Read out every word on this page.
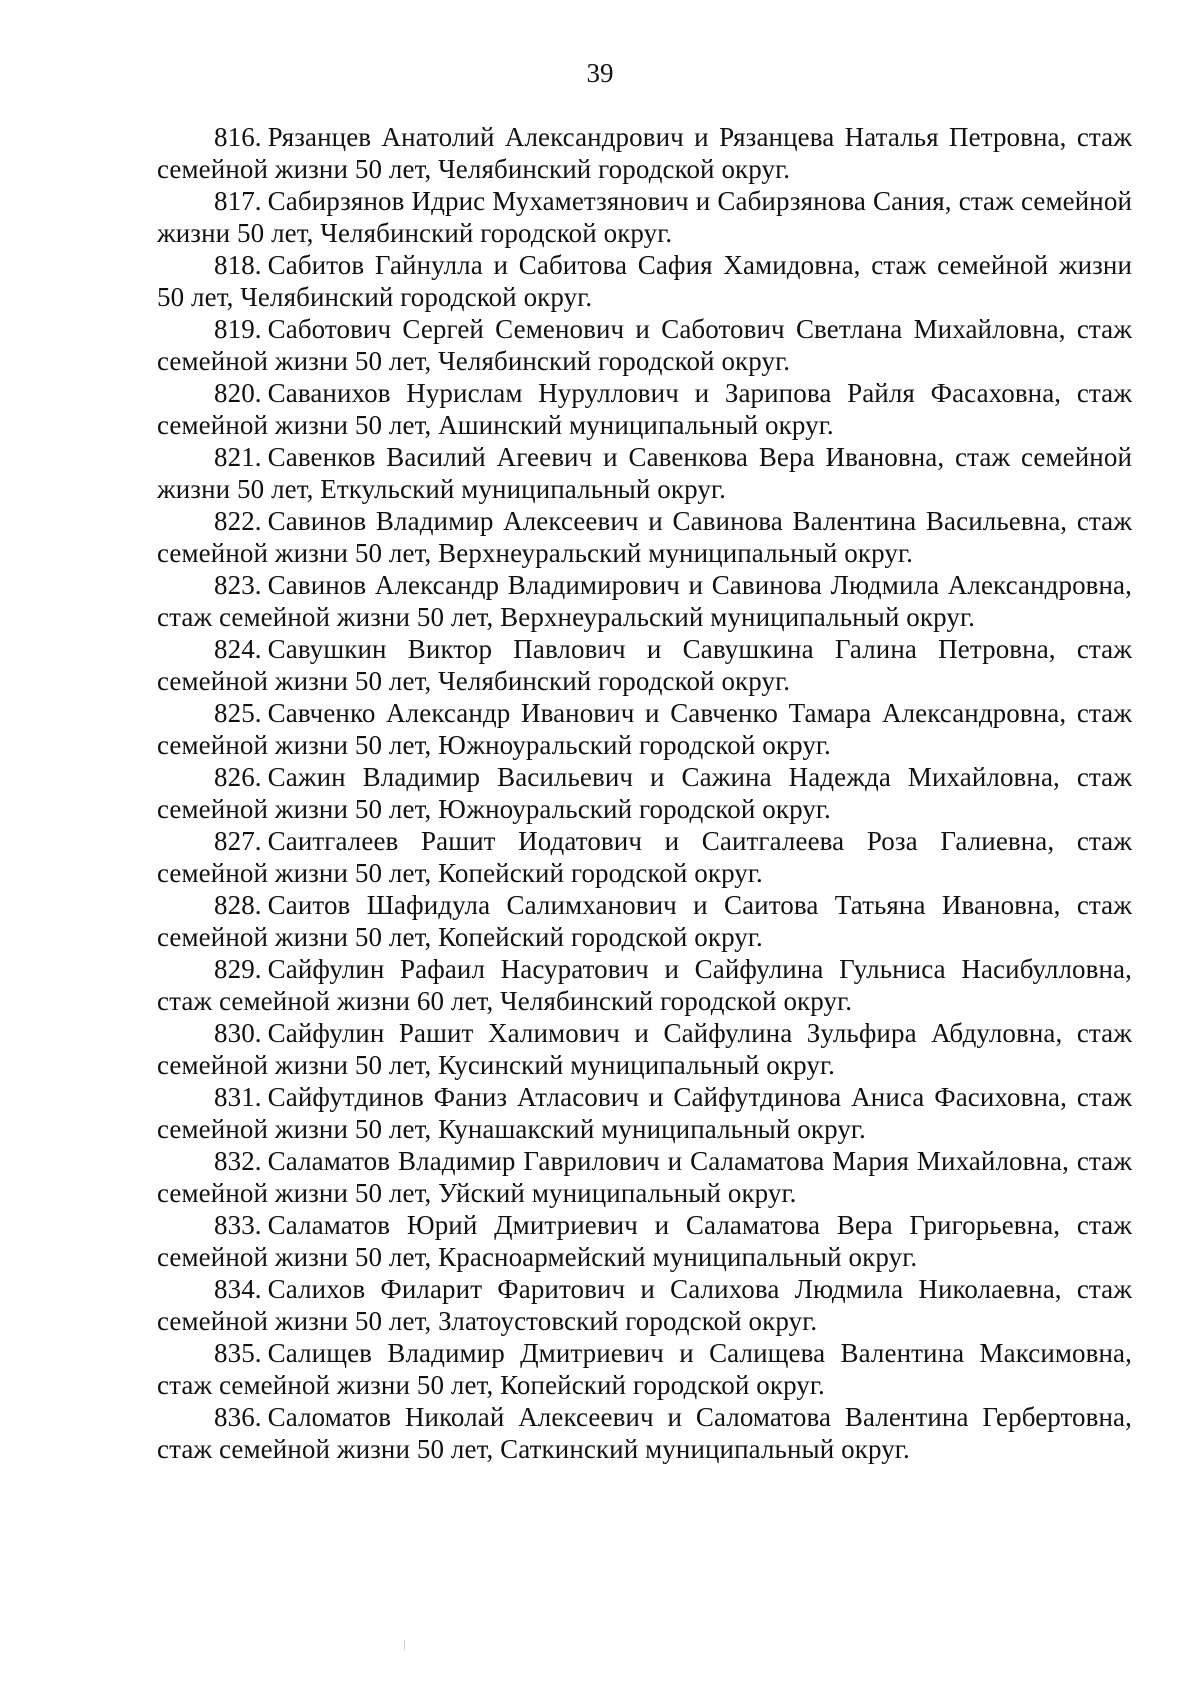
39

816. Рязанцев Анатолий Александрович и Рязанцева Наталья Петровна, стаж семейной жизни 50 лет, Челябинский городской округ.

817. Сабирзянов Идрис Мухаметзянович и Сабирзянова Сания, стаж семейной жизни 50 лет, Челябинский городской округ.

818. Сабитов Гайнулла и Сабитова Сафия Хамидовна, стаж семейной жизни 50 лет, Челябинский городской округ.

819. Саботович Сергей Семенович и Саботович Светлана Михайловна, стаж семейной жизни 50 лет, Челябинский городской округ.

820. Саванихов Нурислам Нуруллович и Зарипова Райля Фасаховна, стаж семейной жизни 50 лет, Ашинский муниципальный округ.

821. Савенков Василий Агеевич и Савенкова Вера Ивановна, стаж семейной жизни 50 лет, Еткульский муниципальный округ.

822. Савинов Владимир Алексеевич и Савинова Валентина Васильевна, стаж семейной жизни 50 лет, Верхнеуральский муниципальный округ.

823. Савинов Александр Владимирович и Савинова Людмила Александровна, стаж семейной жизни 50 лет, Верхнеуральский муниципальный округ.

824. Савушкин Виктор Павлович и Савушкина Галина Петровна, стаж семейной жизни 50 лет, Челябинский городской округ.

825. Савченко Александр Иванович и Савченко Тамара Александровна, стаж семейной жизни 50 лет, Южноуральский городской округ.

826. Сажин Владимир Васильевич и Сажина Надежда Михайловна, стаж семейной жизни 50 лет, Южноуральский городской округ.

827. Саитгалеев Рашит Иодатович и Саитгалеева Роза Галиевна, стаж семейной жизни 50 лет, Копейский городской округ.

828. Саитов Шафидула Салимханович и Саитова Татьяна Ивановна, стаж семейной жизни 50 лет, Копейский городской округ.

829. Сайфулин Рафаил Насуратович и Сайфулина Гульниса Насибулловна, стаж семейной жизни 60 лет, Челябинский городской округ.

830. Сайфулин Рашит Халимович и Сайфулина Зульфира Абдуловна, стаж семейной жизни 50 лет, Кусинский муниципальный округ.

831. Сайфутдинов Фаниз Атласович и Сайфутдинова Аниса Фасиховна, стаж семейной жизни 50 лет, Кунашакский муниципальный округ.

832. Саламатов Владимир Гаврилович и Саламатова Мария Михайловна, стаж семейной жизни 50 лет, Уйский муниципальный округ.

833. Саламатов Юрий Дмитриевич и Саламатова Вера Григорьевна, стаж семейной жизни 50 лет, Красноармейский муниципальный округ.

834. Салихов Филарит Фаритович и Салихова Людмила Николаевна, стаж семейной жизни 50 лет, Златоустовский городской округ.

835. Салищев Владимир Дмитриевич и Салищева Валентина Максимовна, стаж семейной жизни 50 лет, Копейский городской округ.

836. Саломатов Николай Алексеевич и Саломатова Валентина Гербертовна, стаж семейной жизни 50 лет, Саткинский муниципальный округ.
